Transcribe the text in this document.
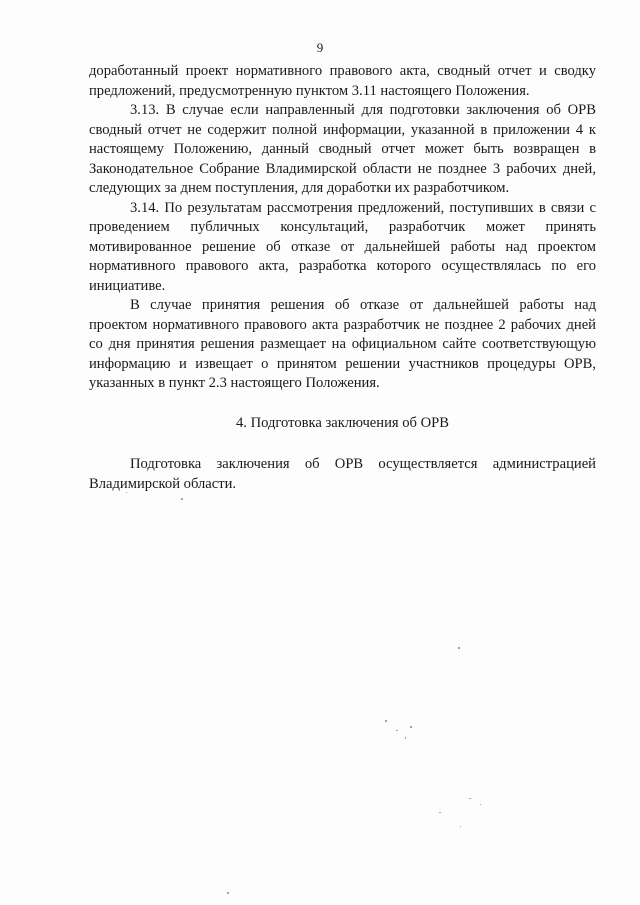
9

доработанный проект нормативного правового акта, сводный отчет и сводку предложений, предусмотренную пунктом 3.11 настоящего Положения.

3.13. В случае если направленный для подготовки заключения об ОРВ сводный отчет не содержит полной информации, указанной в приложении 4 к настоящему Положению, данный сводный отчет может быть возвращен в Законодательное Собрание Владимирской области не позднее 3 рабочих дней, следующих за днем поступления, для доработки их разработчиком.

3.14. По результатам рассмотрения предложений, поступивших в связи с проведением публичных консультаций, разработчик может принять мотивированное решение об отказе от дальнейшей работы над проектом нормативного правового акта, разработка которого осуществлялась по его инициативе.

В случае принятия решения об отказе от дальнейшей работы над проектом нормативного правового акта разработчик не позднее 2 рабочих дней со дня принятия решения размещает на официальном сайте соответствующую информацию и извещает о принятом решении участников процедуры ОРВ, указанных в пункт 2.3 настоящего Положения.

4. Подготовка заключения об ОРВ

Подготовка заключения об ОРВ осуществляется администрацией Владимирской области.
